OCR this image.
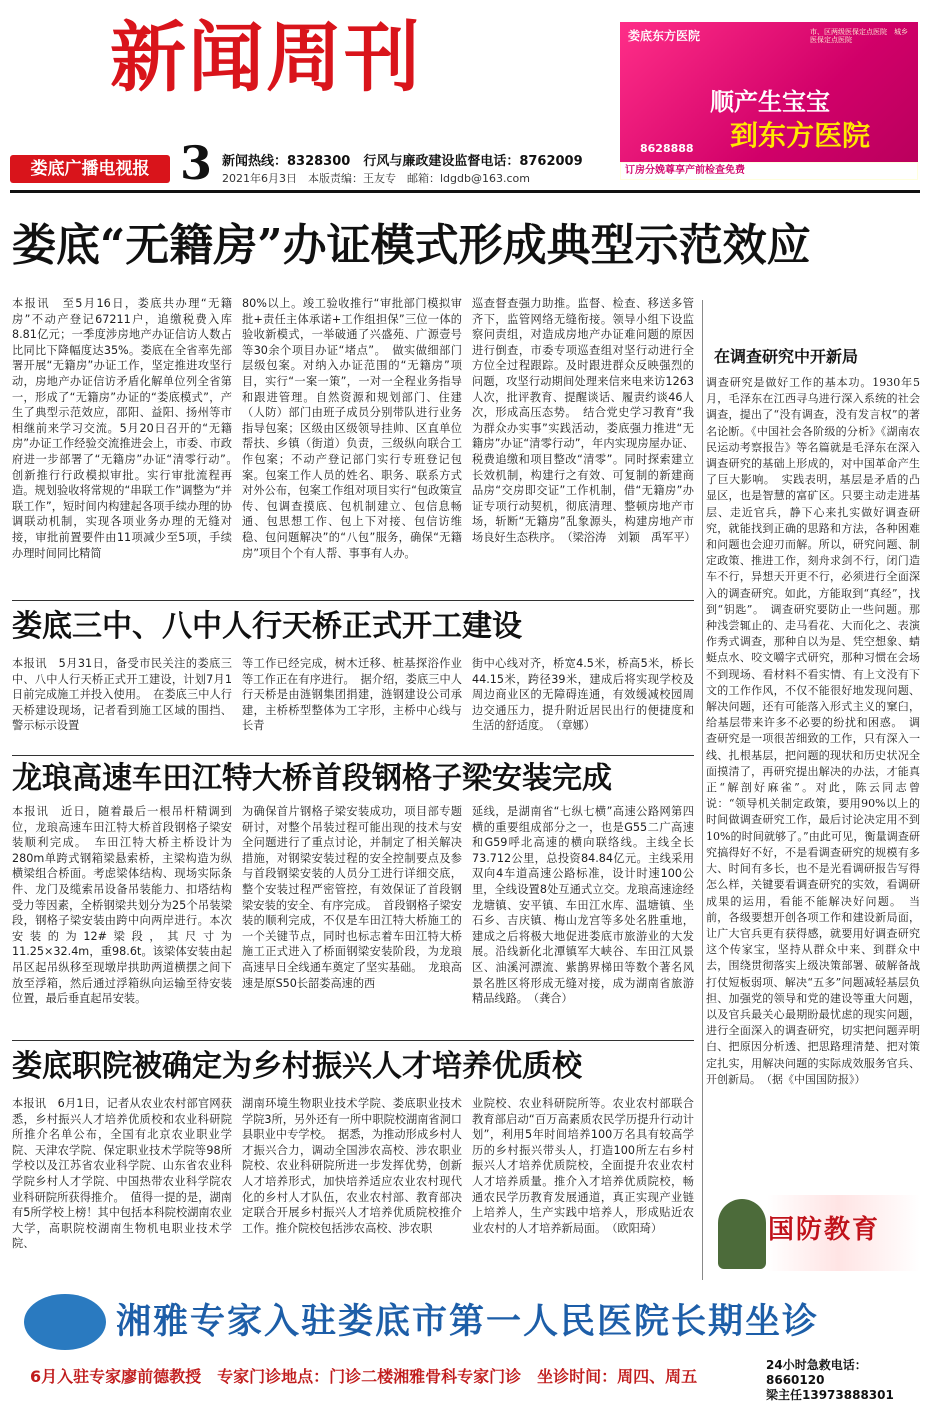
新闻周刊
娄底广播电视报 3 新闻热线：8328300　行风与廉政建设监督电话：8762009
2021年6月3日　本版责编：王友专　邮箱：ldgdb@163.com
娄底东方医院	市、区两级医保定点医院　城乡医保定点医院
顺产生宝宝
到东方医院
8628888
订房分娩尊享产前检查免费
娄底“无籍房”办证模式形成典型示范效应
本报讯　至5月16日，娄底共办理“无籍房”不动产登记67211户，追缴税费入库8.81亿元；一季度涉房地产办证信访人数占比同比下降幅度达35%。娄底在全省率先部署开展“无籍房”办证工作，坚定推进攻坚行动，房地产办证信访矛盾化解单位列全省第一，形成了“无籍房”办证的“娄底模式”，产生了典型示范效应，邵阳、益阳、扬州等市相继前来学习交流。5月20日召开的“无籍房”办证工作经验交流推进会上，市委、市政府进一步部署了“无籍房”办证“清零行动”。　创新推行行政模拟审批。实行审批流程再造。规划验收将常规的“串联工作”调整为“并联工作”，短时间内构建起各项手续办理的协调联动机制，实现各项业务办理的无缝对接，审批前置要件由11项减少至5项，手续办理时间同比精简
80%以上。竣工验收推行“审批部门模拟审批+责任主体承诺+工作组担保”三位一体的验收新模式，一举破通了兴盛苑、广源壹号等30余个项目办证“堵点”。　做实做细部门层级包案。对纳入办证范围的“无籍房”项目，实行“一案一策”，一对一全程业务指导和跟进管理。自然资源和规划部门、住建（人防）部门由班子成员分别带队进行业务指导包案；区级由区级领导挂帅、区直单位帮扶、乡镇（街道）负责，三级纵向联合工作包案；不动产登记部门实行专班登记包案。包案工作人员的姓名、职务、联系方式对外公布，包案工作组对项目实行“包政策宣传、包调查摸底、包机制建立、包信息畅通、包思想工作、包上下对接、包信访维稳、包问题解决”的“八包”服务，确保“无籍房”项目个个有人帮、事事有人办。
巡查督查强力助推。监督、检查、移送多管齐下，监管网络无缝衔接。领导小组下设监察问责组，对造成房地产办证难问题的原因进行倒查，市委专项巡查组对坚行动进行全方位全过程跟踪。及时跟进群众反映强烈的问题，攻坚行动期间处理来信来电来访1263人次，批评教育、提醒谈话、履责约谈46人次，形成高压态势。　结合党史学习教育“我为群众办实事”实践活动，娄底强力推进“无籍房”办证“清零行动”，年内实现房屋办证、税费追缴和项目整改“清零”。同时探索建立长效机制，构建行之有效、可复制的新建商品房“交房即交证”工作机制，借“无籍房”办证专项行动契机，彻底清理、整顿房地产市场，斩断“无籍房”乱象源头，构建房地产市场良好生态秩序。　（梁浴涛　刘颖　禹军平）
娄底三中、八中人行天桥正式开工建设
本报讯　5月31日，备受市民关注的娄底三中、八中人行天桥正式开工建设，计划7月1日前完成施工并投入使用。　在娄底三中人行天桥建设现场，记者看到施工区域的围挡、警示标示设置
等工作已经完成，树木迁移、桩基探浴作业等工作正在有序进行。　据介绍，娄底三中人行天桥是由涟钢集团捐建，涟钢建设公司承建，主桥桥型整体为工字形，主桥中心线与长青
街中心线对齐，桥宽4.5米，桥高5米，桥长44.15米，跨径39米，建成后将实现学校及周边商业区的无障碍连通，有效缓减校园周边交通压力，提升附近居民出行的便捷度和生活的舒适度。　（章娜）
龙琅高速车田江特大桥首段钢格子梁安装完成
本报讯　近日，随着最后一根吊杆精调到位，龙琅高速车田江特大桥首段钢格子梁安装顺利完成。　车田江特大桥主桥设计为280m单跨式钢箱梁悬索桥，主梁构造为纵横梁组合桥面。考虑梁体结构、现场实际条件、龙门及缆索吊设备吊装能力、扣塔结构受力等因素，全桥钢梁共划分为25个吊装梁段，钢格子梁安装由跨中向两岸进行。本次安装的为12#梁段，其尺寸为11.25×32.4m，重98.6t。该梁体安装由起吊区起吊纵移至现墩岸拱助两道横摆之间下放至浮箱，然后通过浮箱纵向运输至待安装位置，最后垂直起吊安装。
为确保首片钢格子梁安装成功，项目部专题研讨，对整个吊装过程可能出现的技术与安全问题进行了重点讨论，并制定了相关解决措施，对钢梁安装过程的安全控制要点及参与首段钢梁安装的人员分工进行详细交底，整个安装过程严密管控，有效保证了首段钢梁安装的安全、有序完成。　首段钢格子梁安装的顺利完成，不仅是车田江特大桥施工的一个关键节点，同时也标志着车田江特大桥施工正式进入了桥面钢梁安装阶段，为龙琅高速早日全线通车奠定了坚实基础。　龙琅高速是原S50长韶娄高速的西
延线，是湖南省“七纵七横”高速公路网第四横的重要组成部分之一，也是G55二广高速和G59呼北高速的横向联络线。主线全长73.712公里，总投资84.84亿元。主线采用双向4车道高速公路标准，设计时速100公里，全线设置8处互通式立交。龙琅高速途经龙塘镇、安平镇、车田江水库、温塘镇、坐石乡、吉庆镇、梅山龙宫等多处名胜重地，建成之后将极大地促进娄底市旅游业的大发展。沿线新化北潭镇军大峡谷、车田江风景区、油溪河漂流、紫鹊界梯田等数个著名风景名胜区将形成无缝对接，成为湖南省旅游精品线路。　（龚合）
娄底职院被确定为乡村振兴人才培养优质校
本报讯　6月1日，记者从农业农村部官网获悉，乡村振兴人才培养优质校和农业科研院所推介名单公布，全国有北京农业职业学院、天津农学院、保定职业技术学院等98所学校以及江苏省农业科学院、山东省农业科学院乡村人才学院、中国热带农业科学院农业科研院所获得推介。　值得一提的是，湖南有5所学校上榜！其中包括本科院校湖南农业大学，高职院校湖南生物机电职业技术学院、
湖南环境生物职业技术学院、娄底职业技术学院3所，另外还有一所中职院校湖南省洞口县职业中专学校。　据悉，为推动形成乡村人才振兴合力，调动全国涉农高校、涉农职业院校、农业科研院所进一步发挥优势，创新人才培养形式，加快培养适应农业农村现代化的乡村人才队伍，农业农村部、教育部决定联合开展乡村振兴人才培养优质院校推介工作。推介院校包括涉农高校、涉农职
业院校、农业科研院所等。农业农村部联合教育部启动“百万高素质农民学历提升行动计划”，利用5年时间培养100万名具有较高学历的乡村振兴带头人，打造100所左右乡村振兴人才培养优质院校，全面提升农业农村人才培养质量。推介入才培养优质院校，畅通农民学历教育发展通道，真正实现产业链上培养人，生产实践中培养人，形成贴近农业农村的人才培养新局面。　（欧阳琦）
在调查研究中开新局
调查研究是做好工作的基本功。1930年5月，毛泽东在江西寻乌进行深入系统的社会调查，提出了“没有调查，没有发言权”的著名论断。《中国社会各阶级的分析》《湖南农民运动考察报告》等名篇就是毛泽东在深入调查研究的基础上形成的，对中国革命产生了巨大影响。　实践表明，基层是矛盾的凸显区，也是智慧的富矿区。只要主动走进基层、走近官兵，静下心来扎实做好调查研究，就能找到正确的思路和方法，各种困难和问题也会迎刃而解。所以，研究问题、制定政策、推进工作，刻舟求剑不行，闭门造车不行，异想天开更不行，必须进行全面深入的调查研究。如此，方能取到“真经”，找到“钥匙”。　调查研究要防止一些问题。那种浅尝辄止的、走马看花、大而化之、表演作秀式调查，那种自以为是、凭空想象、蜻蜓点水、咬文嚼字式研究，那种习惯在会场不到现场、看材料不看实情、有上文没有下文的工作作风，不仅不能很好地发现问题、解决问题，还有可能落入形式主义的窠臼，给基层带来许多不必要的纷扰和困惑。　调查研究是一项很苦细致的工作，只有深入一线、扎根基层，把问题的现状和历史状况全面摸清了，再研究提出解决的办法，才能真正“解剖好麻雀”。对此，陈云同志曾说：“领导机关制定政策，要用90%以上的时间做调查研究工作，最后讨论决定用不到10%的时间就够了。”由此可见，衡量调查研究搞得好不好，不是看调查研究的规模有多大、时间有多长，也不是光看调研报告写得怎么样，关键要看调查研究的实效，看调研成果的运用，看能不能解决好问题。　当前，各级要想开创各项工作和建设新局面，让广大官兵更有获得感，就要用好调查研究这个传家宝，坚持从群众中来、到群众中去，围绕贯彻落实上级决策部署、破解备战打仗短板弱项、解决“五多”问题减轻基层负担、加强党的领导和党的建设等重大问题，以及官兵最关心最期盼最忧虑的现实问题，进行全面深入的调查研究，切实把问题弄明白、把原因分析透、把思路理清楚、把对策定扎实，用解决问题的实际成效服务官兵、开创新局。　（据《中国国防报》）
国防教育
湘雅专家入驻娄底市第一人民医院长期坐诊
6月入驻专家廖前德教授　专家门诊地点：门诊二楼湘雅骨科专家门诊　坐诊时间：周四、周五
24小时急救电话：8660120
梁主任13973888301
